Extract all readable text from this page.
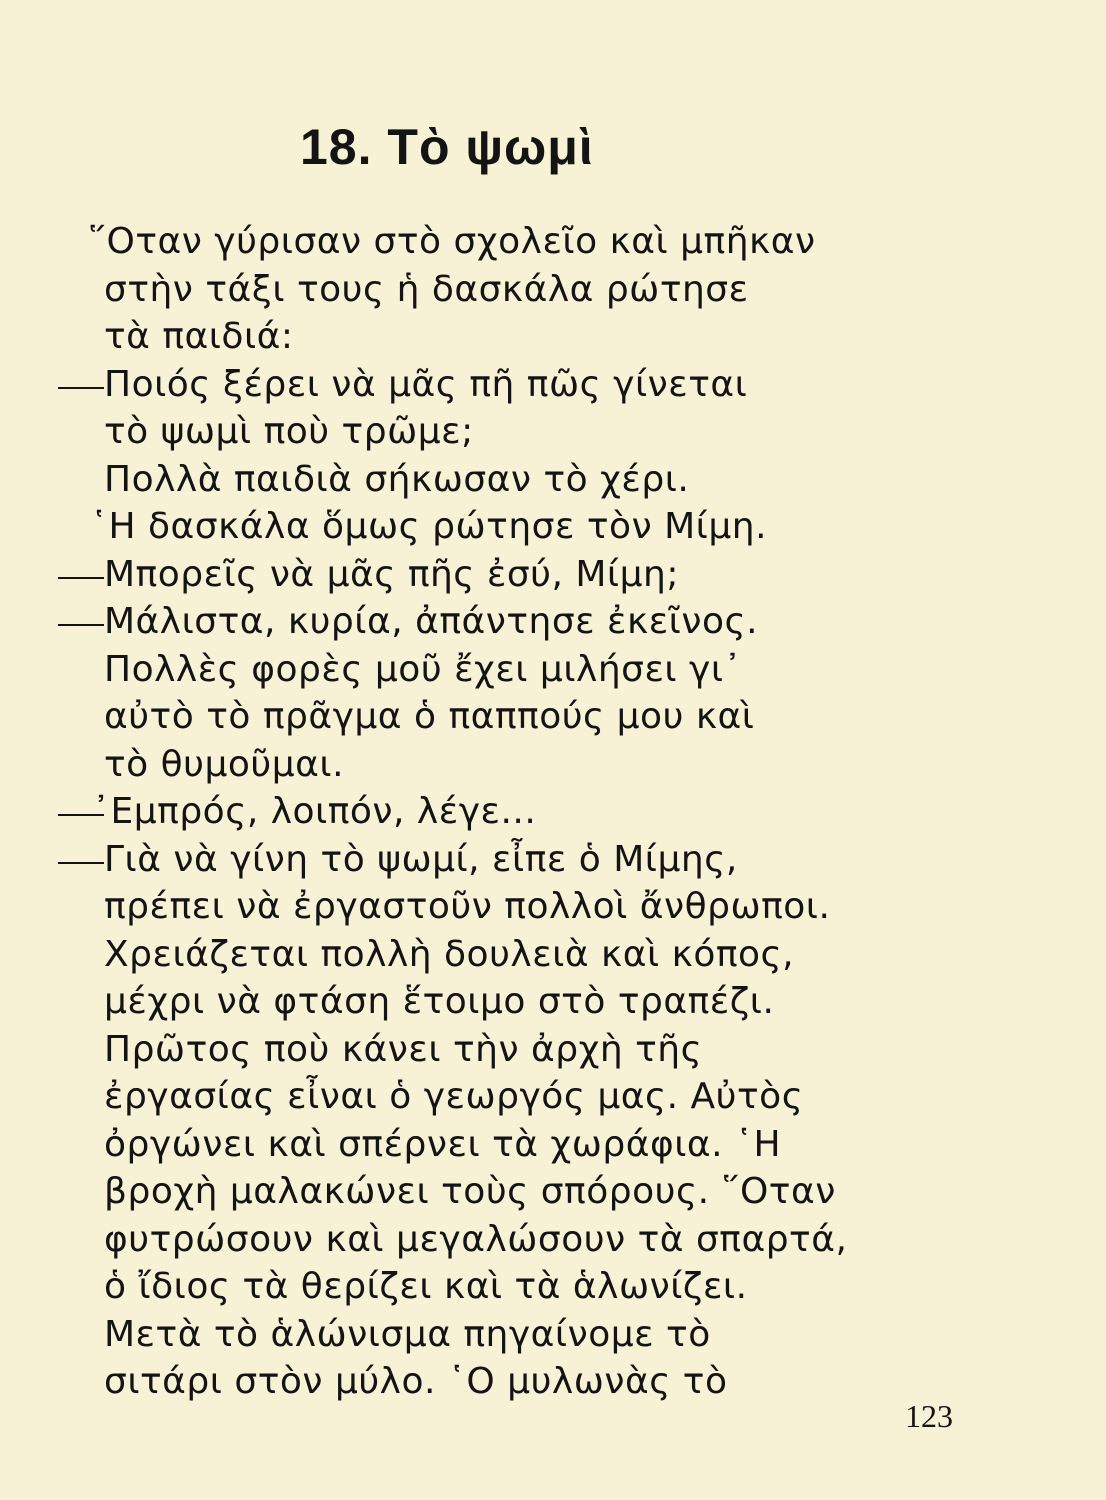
18. Τὸ ψωμὶ
῞Οταν γύρισαν στὸ σχολεῖο καὶ μπῆκαν
στὴν τάξι τους ἡ δασκάλα ρώτησε
τὰ παιδιά:
Ποιός ξέρει νὰ μᾶς πῆ πῶς γίνεται
τὸ ψωμὶ ποὺ τρῶμε;
Πολλὰ παιδιὰ σήκωσαν τὸ χέρι.
῾Η δασκάλα ὅμως ρώτησε τὸν Μίμη.
Μπορεῖς νὰ μᾶς πῆς ἐσύ, Μίμη;
Μάλιστα, κυρία, ἀπάντησε ἐκεῖνος.
Πολλὲς φορὲς μοῦ ἔχει μιλήσει γι᾽
αὐτὸ τὸ πρᾶγμα ὁ παππούς μου καὶ
τὸ θυμοῦμαι.
᾽Εμπρός, λοιπόν, λέγε...
Γιὰ νὰ γίνη τὸ ψωμί, εἶπε ὁ Μίμης,
πρέπει νὰ ἐργαστοῦν πολλοὶ ἄνθρωποι.
Χρειάζεται πολλὴ δουλειὰ καὶ κόπος,
μέχρι νὰ φτάση ἕτοιμο στὸ τραπέζι.
Πρῶτος ποὺ κάνει τὴν ἀρχὴ τῆς
ἐργασίας εἶναι ὁ γεωργός μας. Αὐτὸς
ὀργώνει καὶ σπέρνει τὰ χωράφια. ῾Η
βροχὴ μαλακώνει τοὺς σπόρους. ῞Οταν
φυτρώσουν καὶ μεγαλώσουν τὰ σπαρτά,
ὁ ἴδιος τὰ θερίζει καὶ τὰ ἁλωνίζει.
Μετὰ τὸ ἁλώνισμα πηγαίνομε τὸ
σιτάρι στὸν μύλο. ῾Ο μυλωνὰς τὸ
123
